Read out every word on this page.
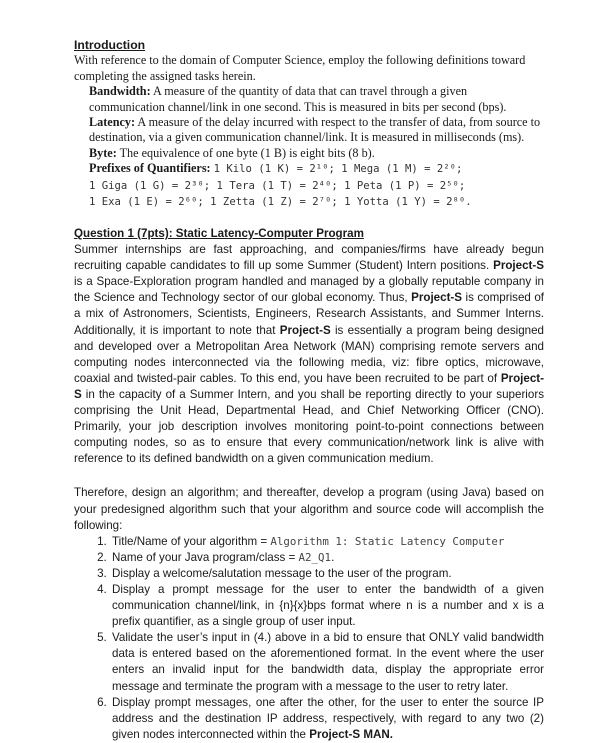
Introduction
With reference to the domain of Computer Science, employ the following definitions toward completing the assigned tasks herein.
Bandwidth: A measure of the quantity of data that can travel through a given communication channel/link in one second. This is measured in bits per second (bps).
Latency: A measure of the delay incurred with respect to the transfer of data, from source to destination, via a given communication channel/link. It is measured in milliseconds (ms).
Byte: The equivalence of one byte (1 B) is eight bits (8 b).
Prefixes of Quantifiers: 1 Kilo (1 K) = 2¹⁰; 1 Mega (1 M) = 2²⁰;
1 Giga (1 G) = 2³⁰; 1 Tera (1 T) = 2⁴⁰; 1 Peta (1 P) = 2⁵⁰;
1 Exa (1 E) = 2⁶⁰; 1 Zetta (1 Z) = 2⁷⁰; 1 Yotta (1 Y) = 2⁸⁰.
Question 1 (7pts): Static Latency-Computer Program

Summer internships are fast approaching, and companies/firms have already begun recruiting capable candidates to fill up some Summer (Student) Intern positions. Project-S is a Space-Exploration program handled and managed by a globally reputable company in the Science and Technology sector of our global economy. Thus, Project-S is comprised of a mix of Astronomers, Scientists, Engineers, Research Assistants, and Summer Interns. Additionally, it is important to note that Project-S is essentially a program being designed and developed over a Metropolitan Area Network (MAN) comprising remote servers and computing nodes interconnected via the following media, viz: fibre optics, microwave, coaxial and twisted-pair cables. To this end, you have been recruited to be part of Project-S in the capacity of a Summer Intern, and you shall be reporting directly to your superiors comprising the Unit Head, Departmental Head, and Chief Networking Officer (CNO). Primarily, your job description involves monitoring point-to-point connections between computing nodes, so as to ensure that every communication/network link is alive with reference to its defined bandwidth on a given communication medium.

Therefore, design an algorithm; and thereafter, develop a program (using Java) based on your predesigned algorithm such that your algorithm and source code will accomplish the following:

1. Title/Name of your algorithm = Algorithm 1: Static Latency Computer
2. Name of your Java program/class = A2_Q1.
3. Display a welcome/salutation message to the user of the program.
4. Display a prompt message for the user to enter the bandwidth of a given communication channel/link, in {n}{x}bps format where n is a number and x is a prefix quantifier, as a single group of user input.
5. Validate the user’s input in (4.) above in a bid to ensure that ONLY valid bandwidth data is entered based on the aforementioned format. In the event where the user enters an invalid input for the bandwidth data, display the appropriate error message and terminate the program with a message to the user to retry later.
6. Display prompt messages, one after the other, for the user to enter the source IP address and the destination IP address, respectively, with regard to any two (2) given nodes interconnected within the Project-S MAN.
